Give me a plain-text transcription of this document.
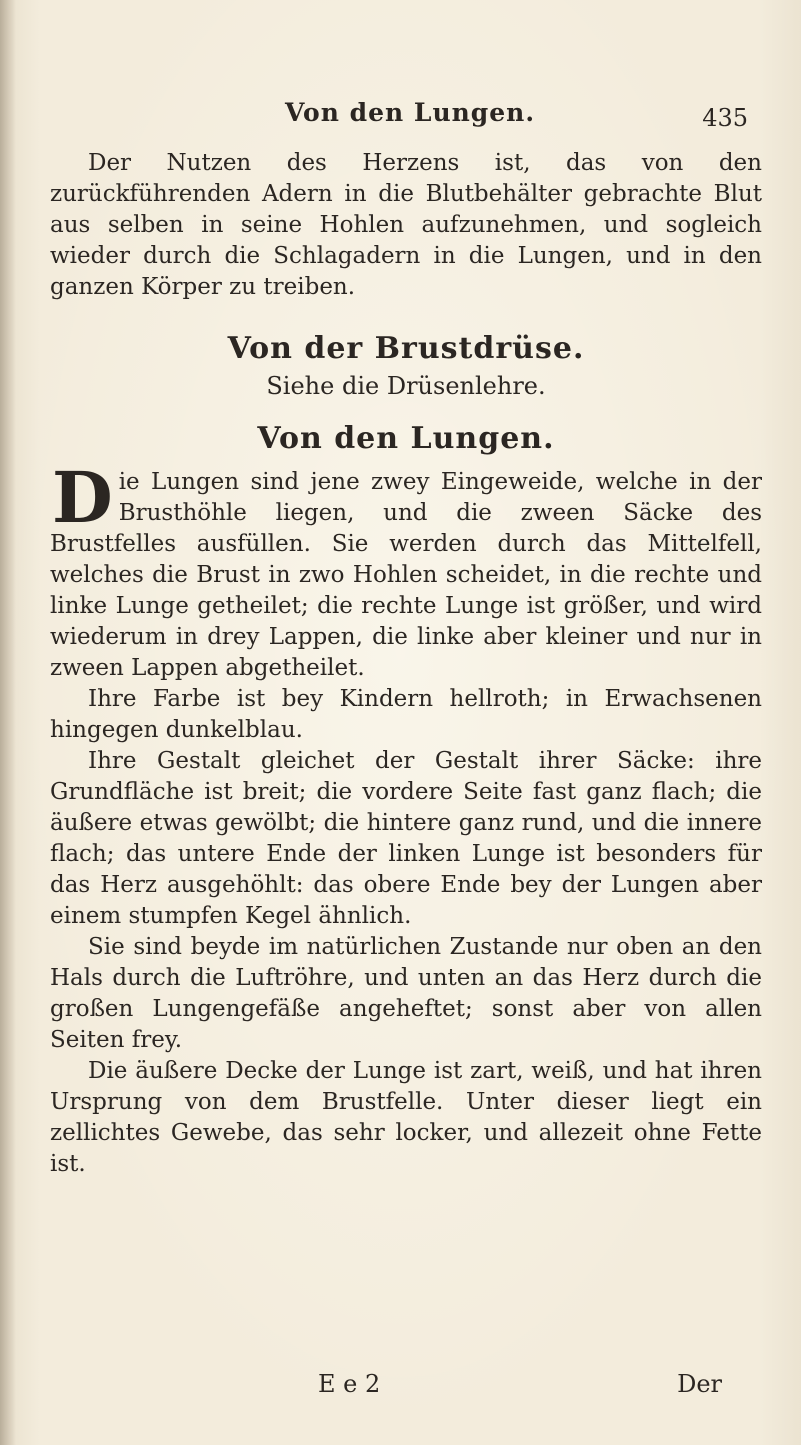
Von den Lungen.	435

Der Nutzen des Herzens ist, das von den zurückführenden Adern in die Blutbehälter gebrachte Blut aus selben in seine Hohlen aufzunehmen, und sogleich wieder durch die Schlagadern in die Lungen, und in den ganzen Körper zu treiben.

Von der Brustdrüse.
Siehe die Drüsenlehre.
Von den Lungen.

Die Lungen sind jene zwey Eingeweide, welche in der Brusthöhle liegen, und die zween Säcke des Brustfelles ausfüllen. Sie werden durch das Mittelfell, welches die Brust in zwo Hohlen scheidet, in die rechte und linke Lunge getheilet; die rechte Lunge ist größer, und wird wiederum in drey Lappen, die linke aber kleiner und nur in zween Lappen abgetheilet.

Ihre Farbe ist bey Kindern hellroth; in Erwachsenen hingegen dunkelblau.

Ihre Gestalt gleichet der Gestalt ihrer Säcke: ihre Grundfläche ist breit; die vordere Seite fast ganz flach; die äußere etwas gewölbt; die hintere ganz rund, und die innere flach; das untere Ende der linken Lunge ist besonders für das Herz ausgehöhlt: das obere Ende bey der Lungen aber einem stumpfen Kegel ähnlich.

Sie sind beyde im natürlichen Zustande nur oben an den Hals durch die Luftröhre, und unten an das Herz durch die großen Lungengefäße angeheftet; sonst aber von allen Seiten frey.

Die äußere Decke der Lunge ist zart, weiß, und hat ihren Ursprung von dem Brustfelle. Unter dieser liegt ein zellichtes Gewebe, das sehr locker, und allezeit ohne Fette ist.

E e 2	Der
